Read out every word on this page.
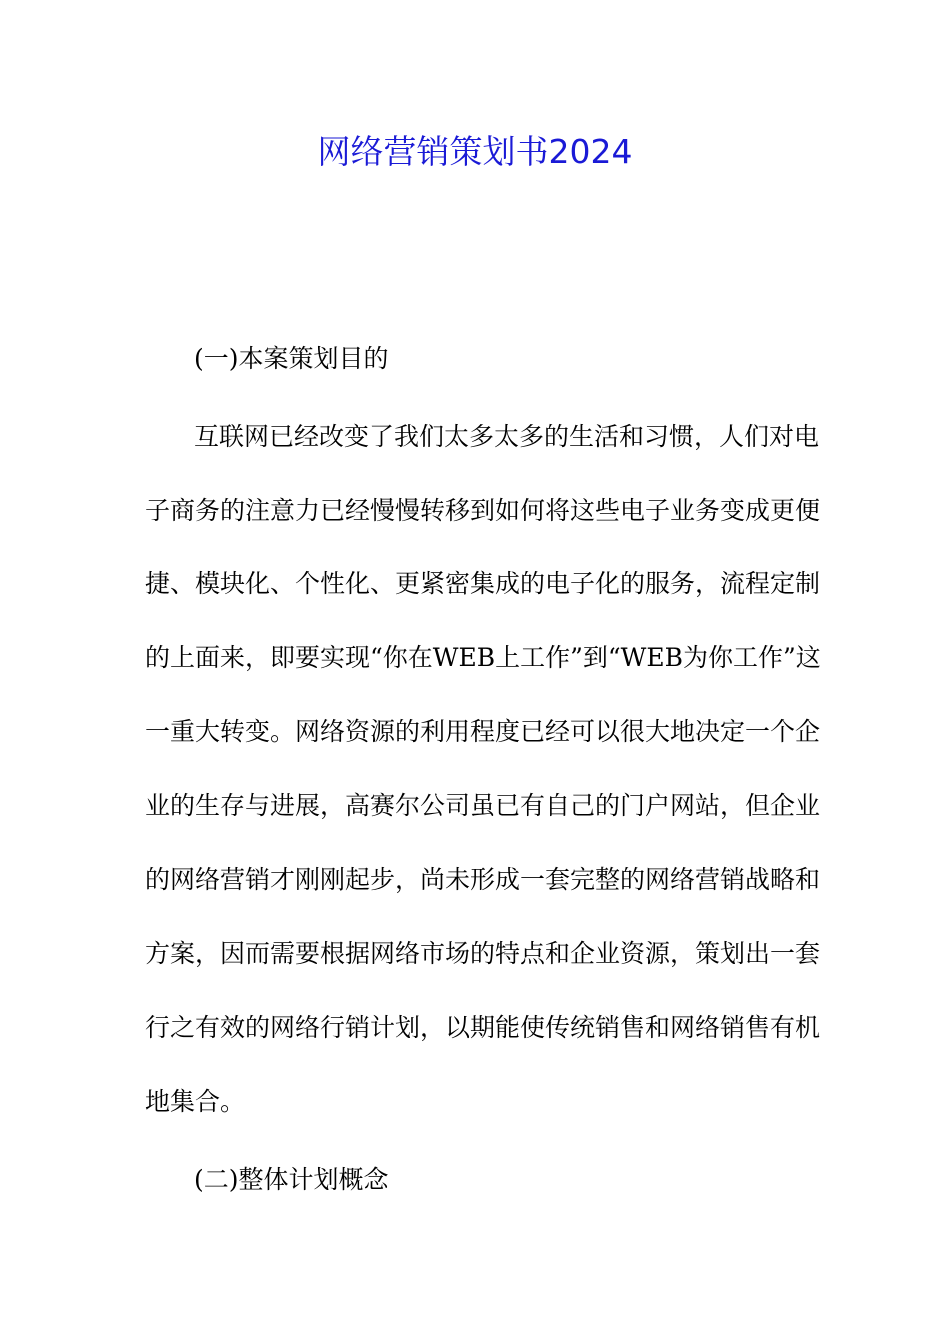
网络营销策划书2024
(一)本案策划目的
互联网已经改变了我们太多太多的生活和习惯，人们对电
子商务的注意力已经慢慢转移到如何将这些电子业务变成更便
捷、模块化、个性化、更紧密集成的电子化的服务，流程定制
的上面来，即要实现“你在WEB上工作”到“WEB为你工作”这
一重大转变。网络资源的利用程度已经可以很大地决定一个企
业的生存与进展，高赛尔公司虽已有自己的门户网站，但企业
的网络营销才刚刚起步，尚未形成一套完整的网络营销战略和
方案，因而需要根据网络市场的特点和企业资源，策划出一套
行之有效的网络行销计划，以期能使传统销售和网络销售有机
地集合。
(二)整体计划概念
